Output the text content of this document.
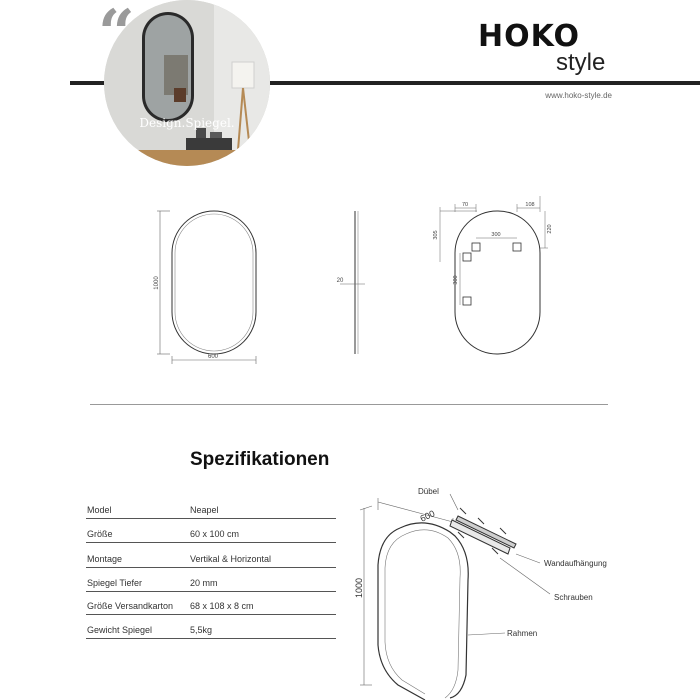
“
Design.Spiegel.
HOKO
style
www.hoko-style.de
1000
600
20
70	108
305	300
220
300
Spezifikationen
Model	Neapel
Größe	60 x 100 cm
Montage	Vertikal & Horizontal
Spiegel Tiefer	20 mm
Größe Versandkarton 68 x 108 x 8 cm
Gewicht Spiegel	5,5kg
Dübel
600
1000
Wandaufhängung
Schrauben
Rahmen
